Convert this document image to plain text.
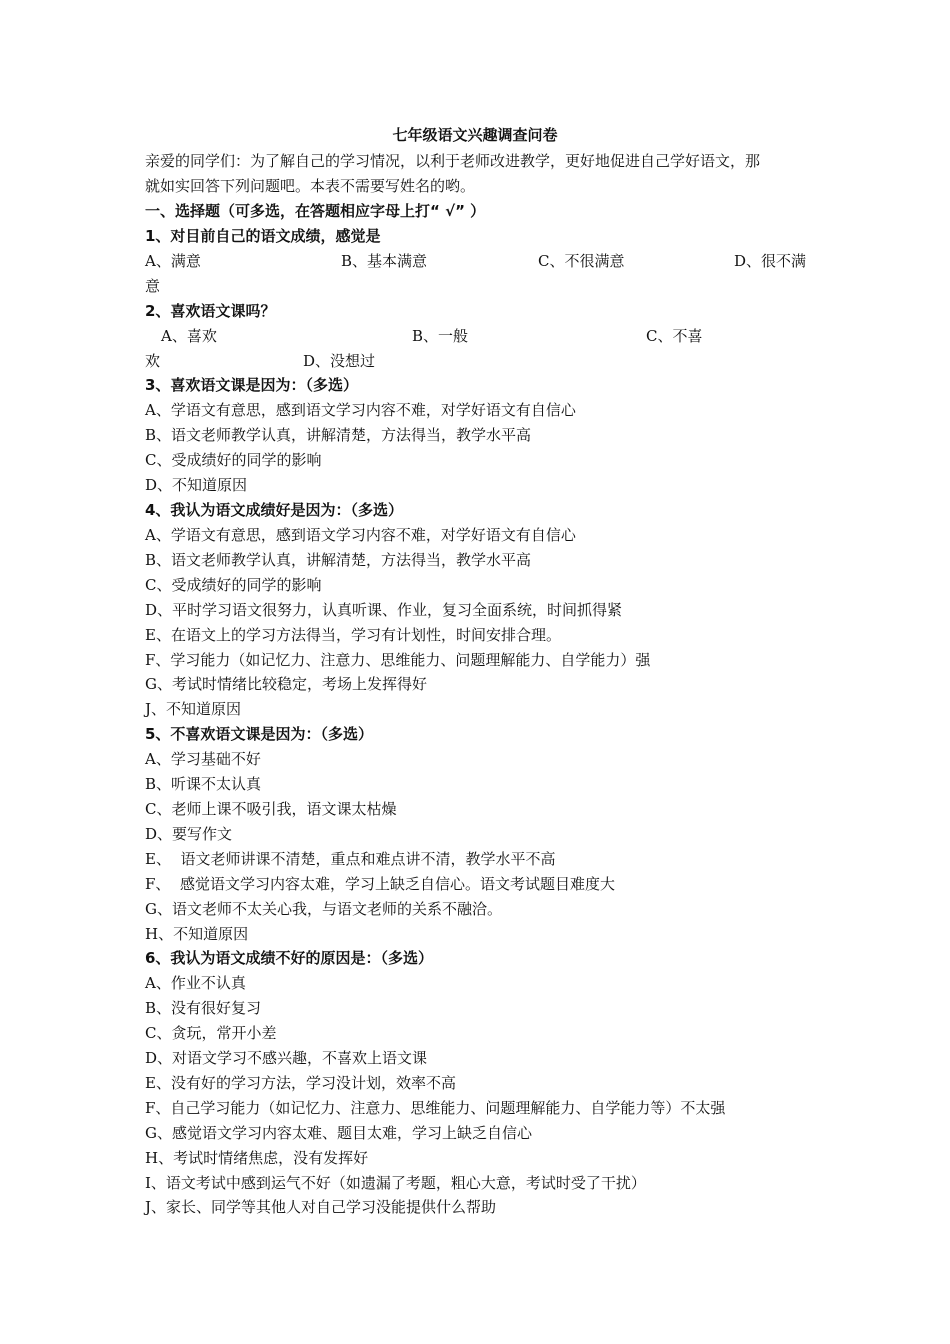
七年级语文兴趣调查问卷
亲爱的同学们：为了解自己的学习情况，以利于老师改进教学，更好地促进自己学好语文，那
就如实回答下列问题吧。本表不需要写姓名的哟。
一、选择题（可多选，在答题相应字母上打“ √” ）
1、对目前自己的语文成绩，感觉是
A、满意	B、基本满意	C、不很满意	D、很不满
意
2、喜欢语文课吗？
A、喜欢	B、一般	C、不喜
欢	D、没想过
3、喜欢语文课是因为：（多选）
A、学语文有意思，感到语文学习内容不难，对学好语文有自信心
B、语文老师教学认真，讲解清楚，方法得当，教学水平高
C、受成绩好的同学的影响
D、不知道原因
4、我认为语文成绩好是因为：（多选）
A、学语文有意思，感到语文学习内容不难，对学好语文有自信心
B、语文老师教学认真，讲解清楚，方法得当，教学水平高
C、受成绩好的同学的影响
D、平时学习语文很努力，认真听课、作业，复习全面系统，时间抓得紧
E、在语文上的学习方法得当，学习有计划性，时间安排合理。
F、学习能力（如记忆力、注意力、思维能力、问题理解能力、自学能力）强
G、考试时情绪比较稳定，考场上发挥得好
J、不知道原因
5、不喜欢语文课是因为：（多选）
A、学习基础不好
B、听课不太认真
C、老师上课不吸引我，语文课太枯燥
D、要写作文
E、  语文老师讲课不清楚，重点和难点讲不清，教学水平不高
F、  感觉语文学习内容太难，学习上缺乏自信心。语文考试题目难度大
G、语文老师不太关心我，与语文老师的关系不融洽。
H、不知道原因
6、我认为语文成绩不好的原因是：（多选）
A、作业不认真
B、没有很好复习
C、贪玩，常开小差
D、对语文学习不感兴趣，不喜欢上语文课
E、没有好的学习方法，学习没计划，效率不高
F、自己学习能力（如记忆力、注意力、思维能力、问题理解能力、自学能力等）不太强
G、感觉语文学习内容太难、题目太难，学习上缺乏自信心
H、考试时情绪焦虑，没有发挥好
I、语文考试中感到运气不好（如遗漏了考题，粗心大意，考试时受了干扰）
J、家长、同学等其他人对自己学习没能提供什么帮助
